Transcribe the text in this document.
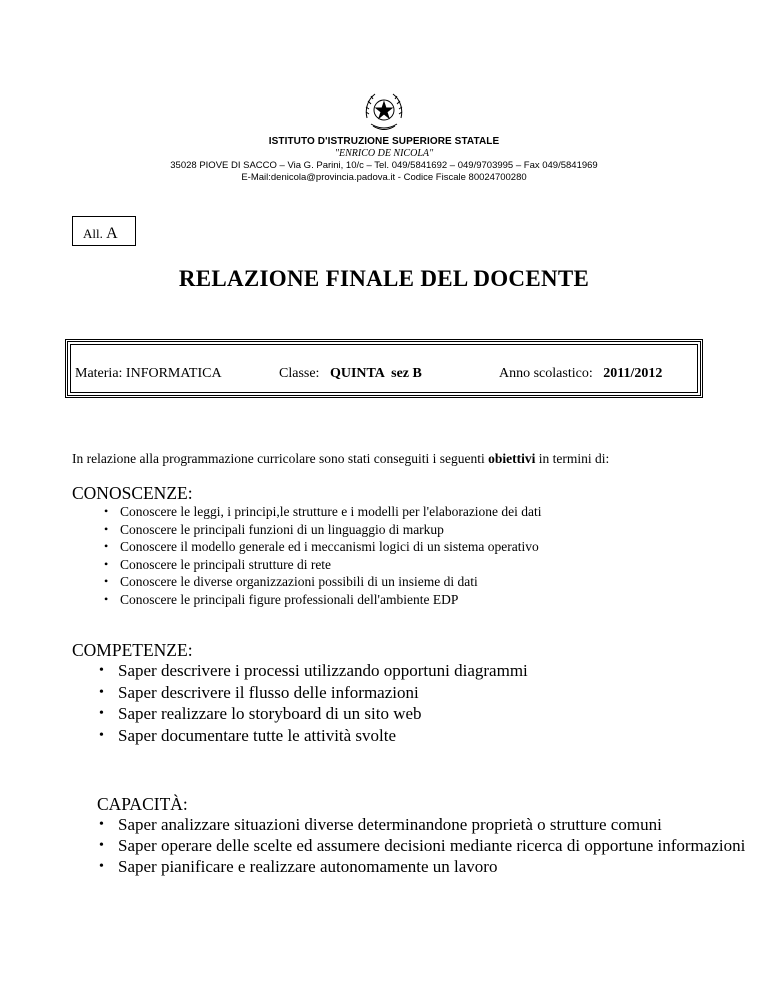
ISTITUTO D'ISTRUZIONE SUPERIORE STATALE
"ENRICO DE NICOLA"
35028 PIOVE DI SACCO – Via G. Parini, 10/c – Tel. 049/5841692 – 049/9703995 – Fax 049/5841969
E-Mail:denicola@provincia.padova.it - Codice Fiscale 80024700280
All. A
RELAZIONE FINALE DEL DOCENTE
Materia: INFORMATICA	Classe: QUINTA  sez B	Anno scolastico: 2011/2012
In relazione alla programmazione curricolare sono stati conseguiti i seguenti obiettivi in termini di:
CONOSCENZE:
• Conoscere le leggi, i principi,le strutture e i modelli per l'elaborazione dei dati
• Conoscere le principali funzioni di un linguaggio di markup
• Conoscere il modello generale ed i meccanismi logici di un sistema operativo
• Conoscere le principali strutture di rete
• Conoscere le diverse organizzazioni possibili di un insieme di dati
• Conoscere le principali figure professionali dell'ambiente EDP
COMPETENZE:
• Saper descrivere i processi utilizzando opportuni diagrammi
• Saper descrivere il flusso delle informazioni
• Saper realizzare lo storyboard di un sito web
• Saper documentare tutte le attività svolte
CAPACITÀ:
• Saper analizzare situazioni diverse determinandone proprietà o strutture comuni
• Saper operare delle scelte ed assumere decisioni mediante ricerca di opportune informazioni
• Saper pianificare e realizzare autonomamente un lavoro
